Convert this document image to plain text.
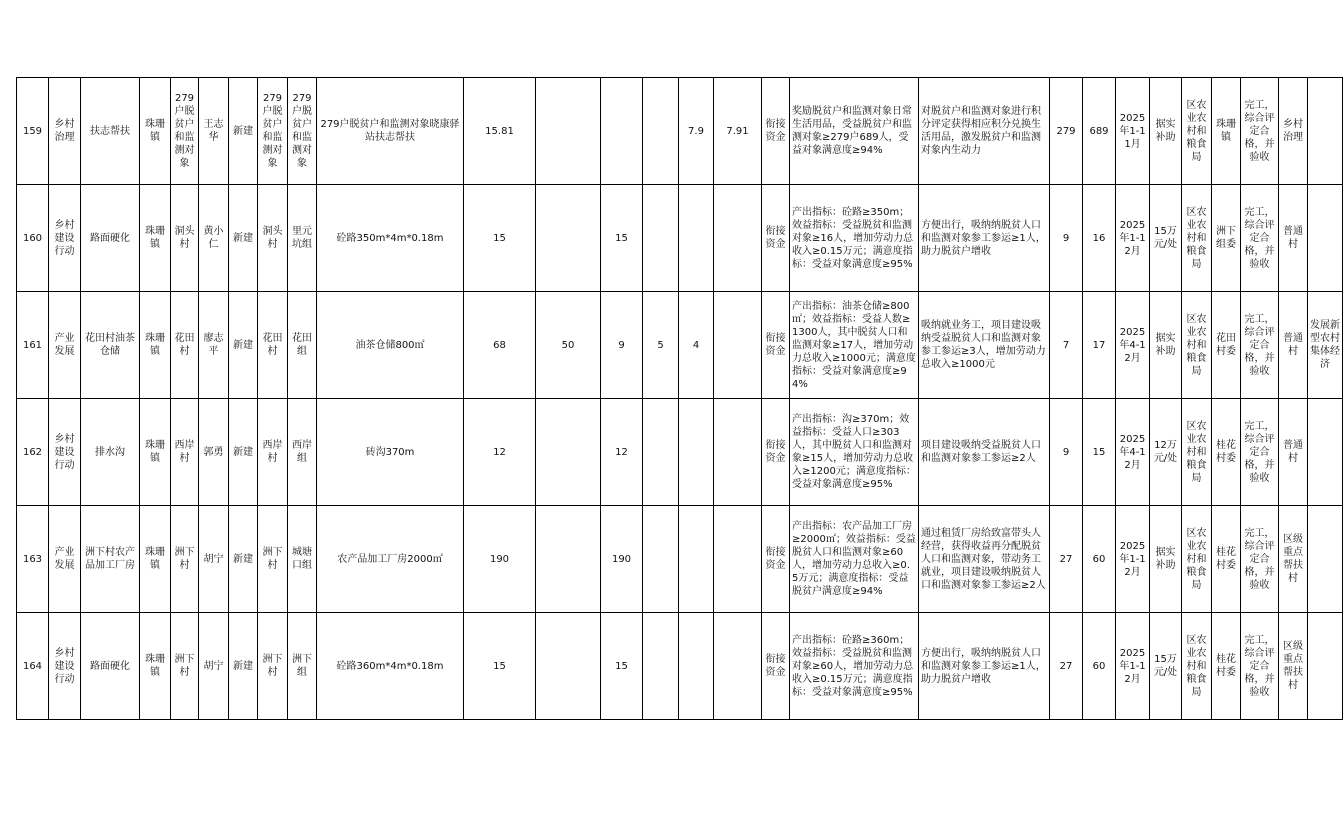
159	乡村治理	扶志帮扶	珠珊镇	279户脱贫户和监测对象	王志华	新建	279户脱贫户和监测对象	279户脱贫户和监测对象	279户脱贫户和监测对象晓康驿站扶志帮扶	15.81				7.9	7.91	衔接资金	奖励脱贫户和监测对象日常生活用品，受益脱贫户和监测对象≥279户689人，受益对象满意度≥94%	对脱贫户和监测对象进行积分评定获得相应积分兑换生活用品，激发脱贫户和监测对象内生动力	279	689	2025年1-11月	据实补助	区农业农村和粮食局	珠珊镇	完工，综合评定合格，并验收	乡村治理	
160	乡村建设行动	路面硬化	珠珊镇	洞头村	黄小仁	新建	洞头村	里元坑组	砼路350m*4m*0.18m	15		15				衔接资金	产出指标：砼路≥350m；效益指标：受益脱贫和监测对象≥16人，增加劳动力总收入≥0.15万元；满意度指标：受益对象满意度≥95%	方便出行，吸纳纳脱贫人口和监测对象参工参运≥1人，助力脱贫户增收	9	16	2025年1-12月	15万元/处	区农业农村和粮食局	洲下组委	完工，综合评定合格，并验收	普通村	
161	产业发展	花田村油茶仓储	珠珊镇	花田村	廖志平	新建	花田村	花田组	油茶仓储800㎡	68	50	9	5	4		衔接资金	产出指标：油茶仓储≥800㎡；效益指标：受益人数≥1300人，其中脱贫人口和监测对象≥17人，增加劳动力总收入≥1000元；满意度指标：受益对象满意度≥94%	吸纳就业务工，项目建设吸纳受益脱贫人口和监测对象参工参运≥3人，增加劳动力总收入≥1000元	7	17	2025年4-12月	据实补助	区农业农村和粮食局	花田村委	完工，综合评定合格，并验收	普通村	发展新型农村集体经济
162	乡村建设行动	排水沟	珠珊镇	西岸村	郭勇	新建	西岸村	西岸组	砖沟370m	12		12				衔接资金	产出指标：沟≥370m；效益指标：受益人口≥303人，其中脱贫人口和监测对象≥15人，增加劳动力总收入≥1200元；满意度指标：受益对象满意度≥95%	项目建设吸纳受益脱贫人口和监测对象参工参运≥2人	9	15	2025年4-12月	12万元/处	区农业农村和粮食局	桂花村委	完工，综合评定合格，并验收	普通村	
163	产业发展	洲下村农产品加工厂房	珠珊镇	洲下村	胡宁	新建	洲下村	城塘口组	农产品加工厂房2000㎡	190		190				衔接资金	产出指标：农产品加工厂房≥2000㎡；效益指标：受益脱贫人口和监测对象≥60人，增加劳动力总收入≥0.5万元；满意度指标：受益脱贫户满意度≥94%	通过租赁厂房给致富带头人经营，获得收益再分配脱贫人口和监测对象，带动务工就业，项目建设吸纳脱贫人口和监测对象参工参运≥2人	27	60	2025年1-12月	据实补助	区农业农村和粮食局	桂花村委	完工，综合评定合格，并验收	区级重点帮扶村	
164	乡村建设行动	路面硬化	珠珊镇	洲下村	胡宁	新建	洲下村	洲下组	砼路360m*4m*0.18m	15		15				衔接资金	产出指标：砼路≥360m；效益指标：受益脱贫和监测对象≥60人，增加劳动力总收入≥0.15万元；满意度指标：受益对象满意度≥95%	方便出行，吸纳纳脱贫人口和监测对象参工参运≥1人，助力脱贫户增收	27	60	2025年1-12月	15万元/处	区农业农村和粮食局	桂花村委	完工，综合评定合格，并验收	区级重点帮扶村	
